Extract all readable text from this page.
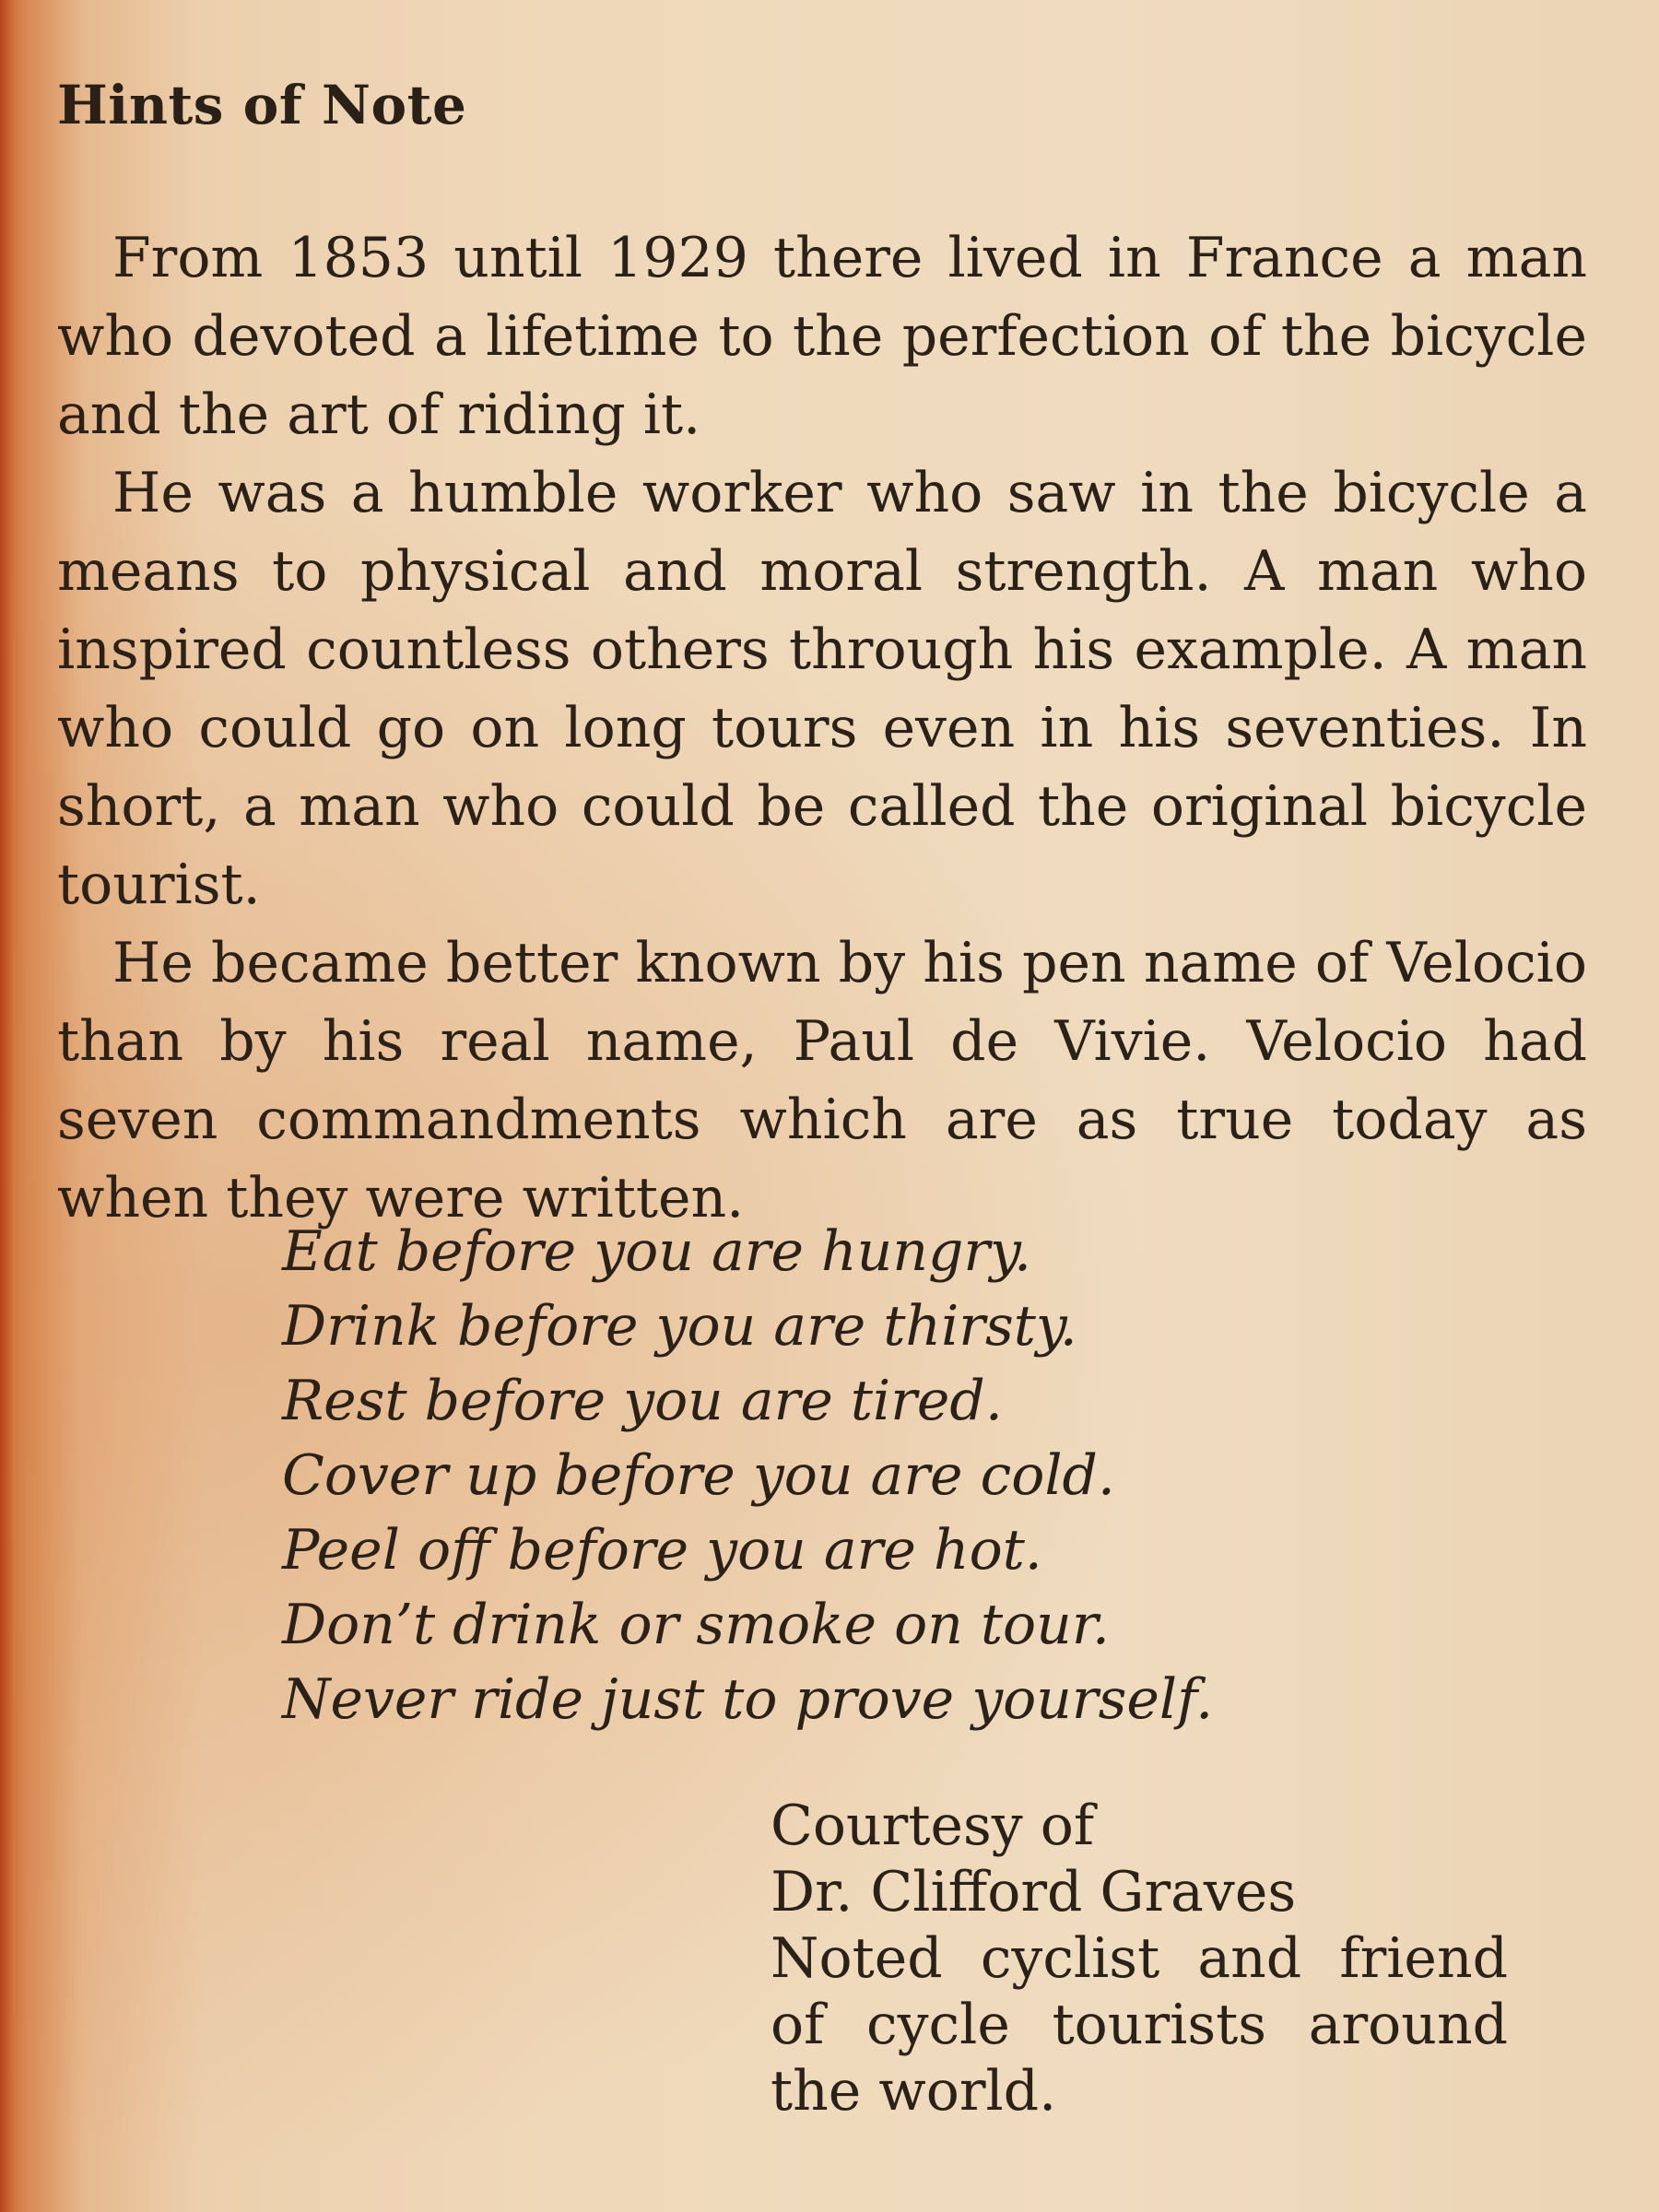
Hints of Note

From 1853 until 1929 there lived in France a man who devoted a lifetime to the perfection of the bicycle and the art of riding it.

He was a humble worker who saw in the bicycle a means to physical and moral strength. A man who inspired countless others through his example. A man who could go on long tours even in his seventies. In short, a man who could be called the original bicycle tourist.

He became better known by his pen name of Velocio than by his real name, Paul de Vivie. Velocio had seven commandments which are as true today as when they were written.

Eat before you are hungry.
Drink before you are thirsty.
Rest before you are tired.
Cover up before you are cold.
Peel off before you are hot.
Don’t drink or smoke on tour.
Never ride just to prove yourself.
Courtesy of
Dr. Clifford Graves
Noted cyclist and friend of cycle tourists around the world.
